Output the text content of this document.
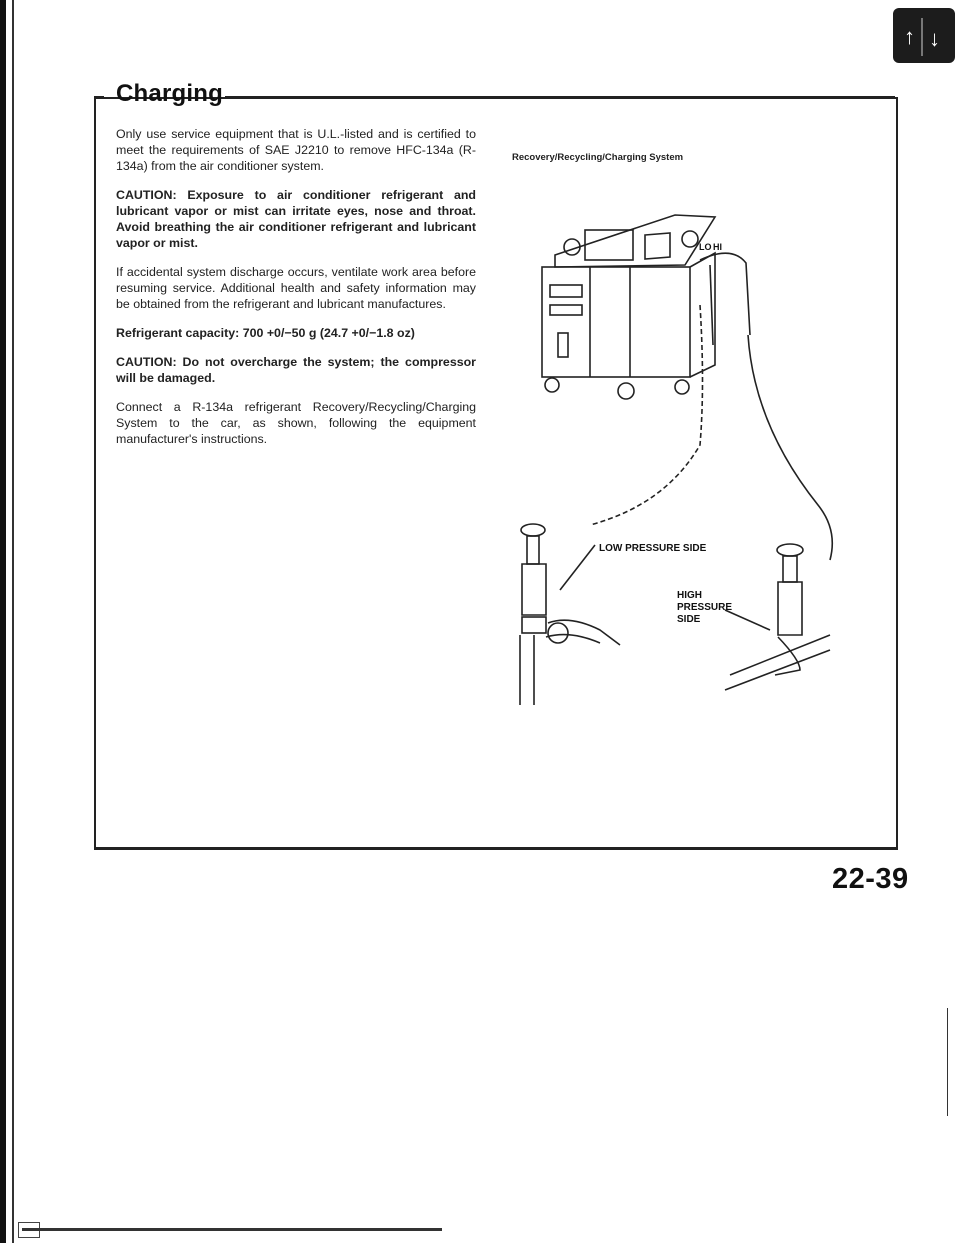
↑ ↓
Charging

Only use service equipment that is U.L.-listed and is certified to meet the requirements of SAE J2210 to remove HFC-134a (R-134a) from the air conditioner system.

CAUTION: Exposure to air conditioner refrigerant and lubricant vapor or mist can irritate eyes, nose and throat. Avoid breathing the air conditioner refrigerant and lubricant vapor or mist.

If accidental system discharge occurs, ventilate work area before resuming service. Additional health and safety information may be obtained from the refrigerant and lubricant manufactures.

Refrigerant capacity: 700 +0/−50 g (24.7 +0/−1.8 oz)

CAUTION: Do not overcharge the system; the compressor will be damaged.

Connect a R-134a refrigerant Recovery/Recycling/Charging System to the car, as shown, following the equipment manufacturer's instructions.

Recovery/Recycling/Charging System
LOW PRESSURE SIDE
HIGH PRESSURE SIDE
LO HI
22-39
